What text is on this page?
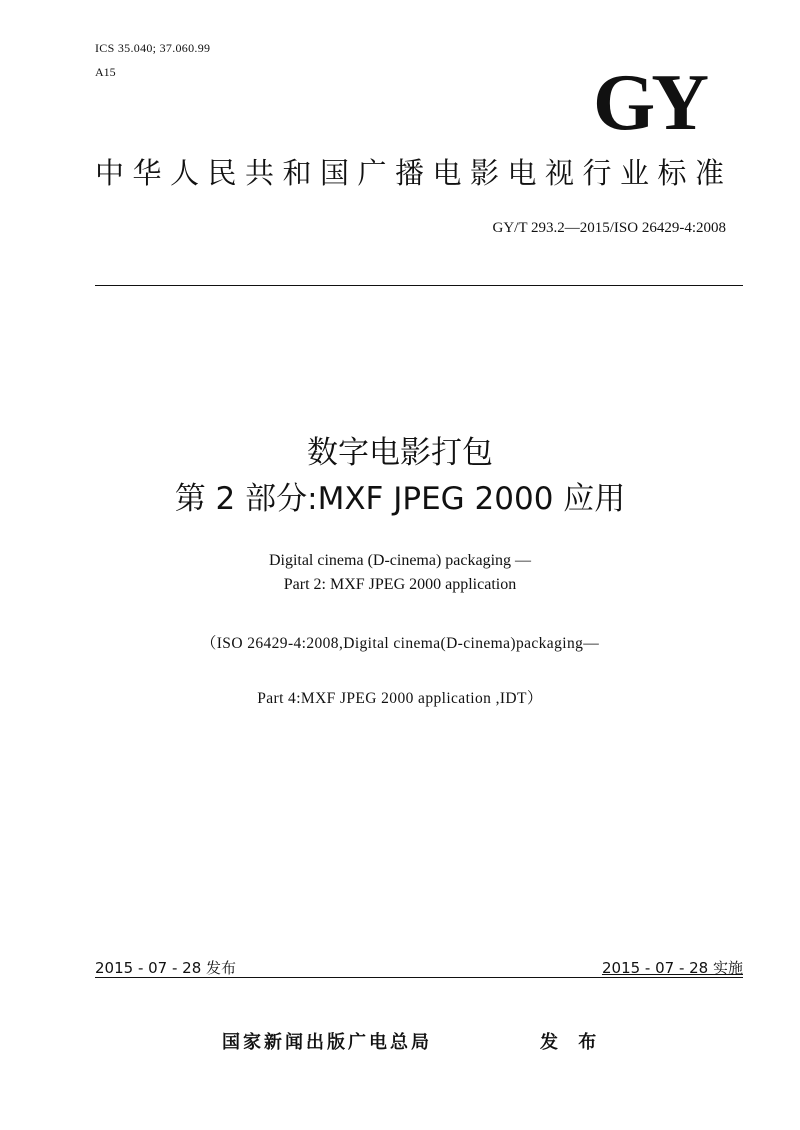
ICS 35.040; 37.060.99
A15	GY
中华人民共和国广播电影电视行业标准
GY/T 293.2—2015/ISO 26429-4:2008
数字电影打包
第 2 部分:MXF JPEG 2000 应用
Digital cinema (D-cinema) packaging —
Part 2: MXF JPEG 2000 application
（ISO 26429-4:2008,Digital cinema(D-cinema)packaging—
Part 4:MXF JPEG 2000 application ,IDT）
2015 - 07 - 28 发布	2015 - 07 - 28 实施
国家新闻出版广电总局	发 布
